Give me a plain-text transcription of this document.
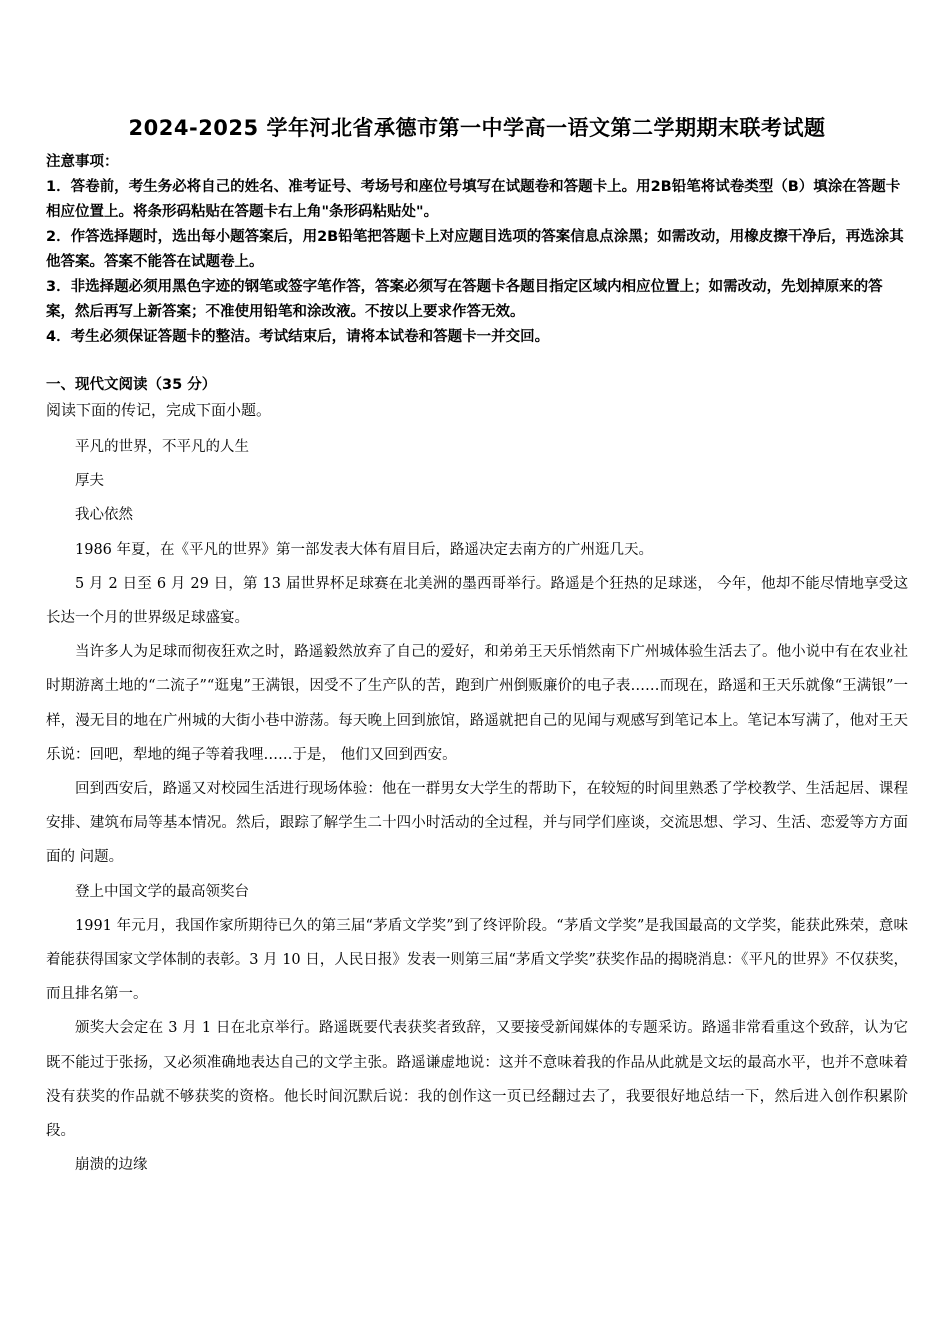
2024-2025 学年河北省承德市第一中学高一语文第二学期期末联考试题

注意事项：

1．答卷前，考生务必将自己的姓名、准考证号、考场号和座位号填写在试题卷和答题卡上。用2B铅笔将试卷类型（B）填涂在答题卡相应位置上。将条形码粘贴在答题卡右上角"条形码粘贴处"。

2．作答选择题时，选出每小题答案后，用2B铅笔把答题卡上对应题目选项的答案信息点涂黑；如需改动，用橡皮擦干净后，再选涂其他答案。答案不能答在试题卷上。

3．非选择题必须用黑色字迹的钢笔或签字笔作答，答案必须写在答题卡各题目指定区域内相应位置上；如需改动，先划掉原来的答案，然后再写上新答案；不准使用铅笔和涂改液。不按以上要求作答无效。

4．考生必须保证答题卡的整洁。考试结束后，请将本试卷和答题卡一并交回。

一、现代文阅读（35 分）
阅读下面的传记，完成下面小题。

平凡的世界，不平凡的人生

厚夫

我心依然

1986 年夏，在《平凡的世界》第一部发表大体有眉目后，路遥决定去南方的广州逛几天。

5 月 2 日至 6 月 29 日，第 13 届世界杯足球赛在北美洲的墨西哥举行。路遥是个狂热的足球迷， 今年，他却不能尽情地享受这长达一个月的世界级足球盛宴。

当许多人为足球而彻夜狂欢之时，路遥毅然放弃了自己的爱好，和弟弟王天乐悄然南下广州城体验生活去了。他小说中有在农业社时期游离土地的“二流子”“逛鬼”王满银，因受不了生产队的苦，跑到广州倒贩廉价的电子表……而现在，路遥和王天乐就像“王满银”一样，漫无目的地在广州城的大街小巷中游荡。每天晚上回到旅馆，路遥就把自己的见闻与观感写到笔记本上。笔记本写满了，他对王天乐说：回吧，犁地的绳子等着我哩……于是， 他们又回到西安。

回到西安后，路遥又对校园生活进行现场体验：他在一群男女大学生的帮助下，在较短的时间里熟悉了学校教学、生活起居、课程安排、建筑布局等基本情况。然后，跟踪了解学生二十四小时活动的全过程，并与同学们座谈，交流思想、学习、生活、恋爱等方方面面的 问题。

登上中国文学的最高领奖台

1991 年元月，我国作家所期待已久的第三届“茅盾文学奖”到了终评阶段。“茅盾文学奖”是我国最高的文学奖，能获此殊荣，意味着能获得国家文学体制的表彰。3 月 10 日，人民日报》发表一则第三届“茅盾文学奖”获奖作品的揭晓消息：《平凡的世界》不仅获奖，而且排名第一。

颁奖大会定在 3 月 1 日在北京举行。路遥既要代表获奖者致辞，又要接受新闻媒体的专题采访。路遥非常看重这个致辞，认为它既不能过于张扬，又必须准确地表达自己的文学主张。路遥谦虚地说：这并不意味着我的作品从此就是文坛的最高水平，也并不意味着没有获奖的作品就不够获奖的资格。他长时间沉默后说：我的创作这一页已经翻过去了，我要很好地总结一下，然后进入创作积累阶段。

崩溃的边缘
